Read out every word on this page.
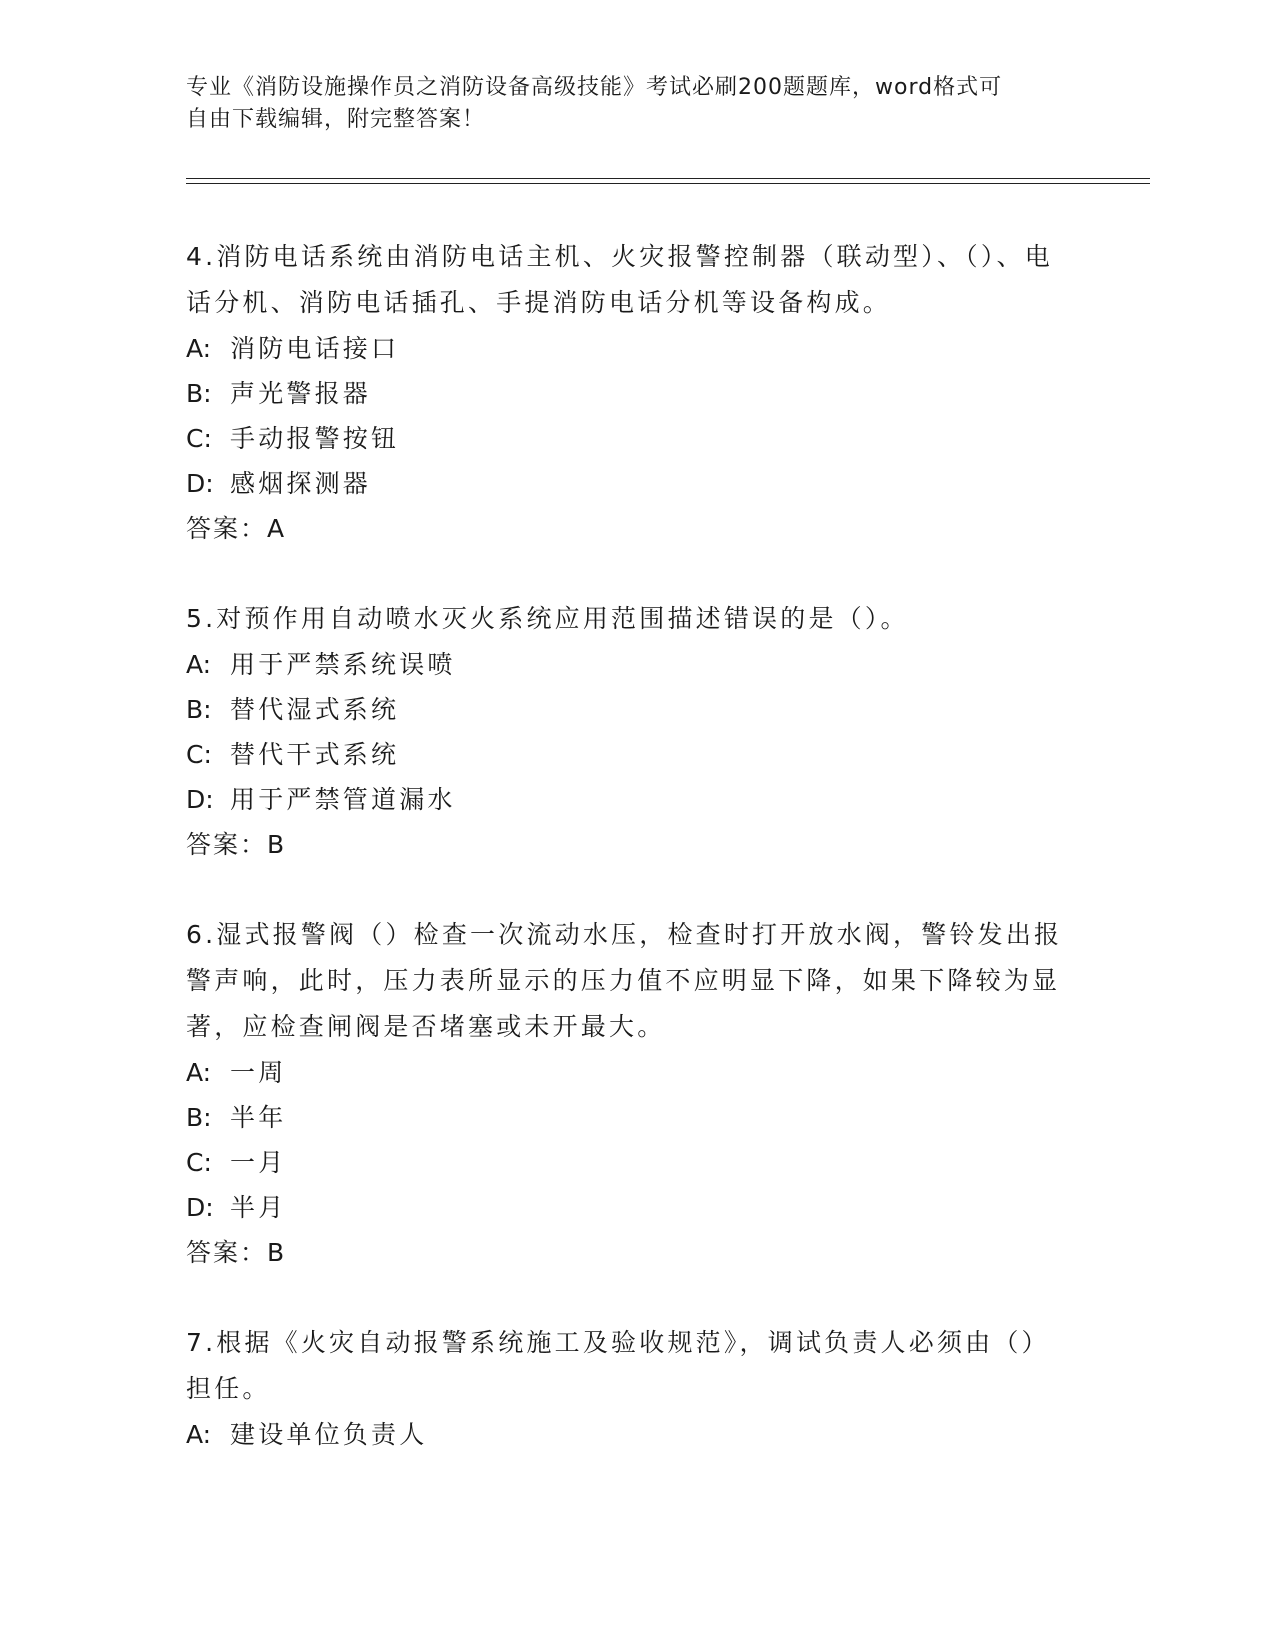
专业《消防设施操作员之消防设备高级技能》考试必刷200题题库，word格式可
自由下载编辑，附完整答案！

4.消防电话系统由消防电话主机、火灾报警控制器（联动型）、（）、电话分机、消防电话插孔、手提消防电话分机等设备构成。

A: 消防电话接口

B: 声光警报器

C: 手动报警按钮

D: 感烟探测器

答案：A

5.对预作用自动喷水灭火系统应用范围描述错误的是（）。

A: 用于严禁系统误喷

B: 替代湿式系统

C: 替代干式系统

D: 用于严禁管道漏水

答案：B

6.湿式报警阀（）检查一次流动水压，检查时打开放水阀，警铃发出报警声响，此时，压力表所显示的压力值不应明显下降，如果下降较为显著，应检查闸阀是否堵塞或未开最大。

A: 一周

B: 半年

C: 一月

D: 半月

答案：B

7.根据《火灾自动报警系统施工及验收规范》，调试负责人必须由（）担任。

A: 建设单位负责人
